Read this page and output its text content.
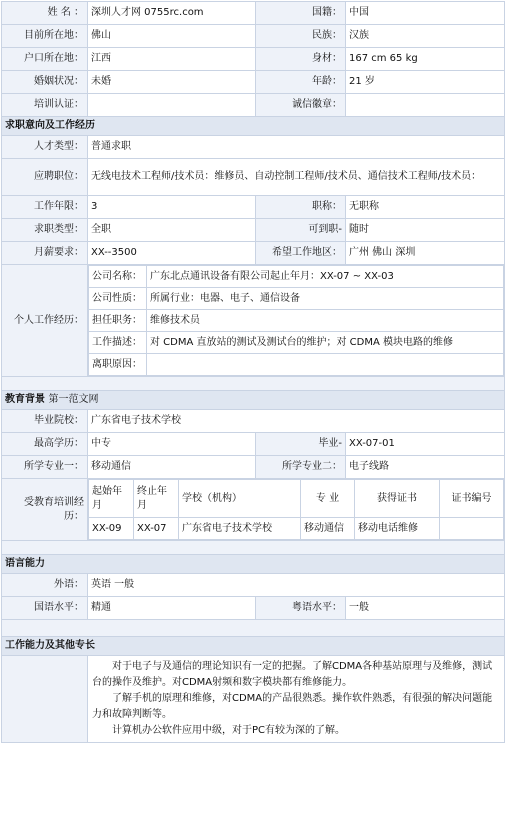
姓 名 ：	深圳人才网 0755rc.com	国籍：	中国
目前所在地：	佛山	民族：	汉族
户口所在地：	江西	身材：	167 cm 65 kg
婚姻状况：	未婚	年龄：	21 岁
培训认证：		诚信徽章：	
求职意向及工作经历
人才类型：	普通求职
应聘职位：	无线电技术工程师/技术员：维修员、自动控制工程师/技术员、通信技术工程师/技术员：
工作年限：	3	职称：	无职称
求职类型：	全职	可到职-	随时
月薪要求：	XX--3500	希望工作地区：	广州 佛山 深圳
个人工作经历：	
公司名称：	广东北点通讯设备有限公司起止年月：XX-07 ~ XX-03
公司性质：	所属行业：电器、电子、通信设备
担任职务：	维修技术员
工作描述：	对 CDMA 直放站的测试及测试台的维护；对 CDMA 模块电路的维修
离职原因：	

教育背景 第一范文网
毕业院校：	广东省电子技术学校
最高学历：	中专	毕业-	XX-07-01
所学专业一：	移动通信	所学专业二：	电子线路
受教育培训经历：	
起始年月	终止年月	学校（机构）	专 业	获得证书	证书编号
XX-09	XX-07	广东省电子技术学校	移动通信	移动电话维修	

语言能力
外语：	英语 一般
国语水平：	精通	粤语水平：	一般

工作能力及其他专长

对于电子与及通信的理论知识有一定的把握。了解CDMA各种基站原理与及维修，测试台的操作及维护。对CDMA射频和数字模块都有维修能力。

了解手机的原理和维修，对CDMA的产品很熟悉。操作软件熟悉，有很强的解决问题能力和故障判断等。

计算机办公软件应用中级，对于PC有较为深的了解。
